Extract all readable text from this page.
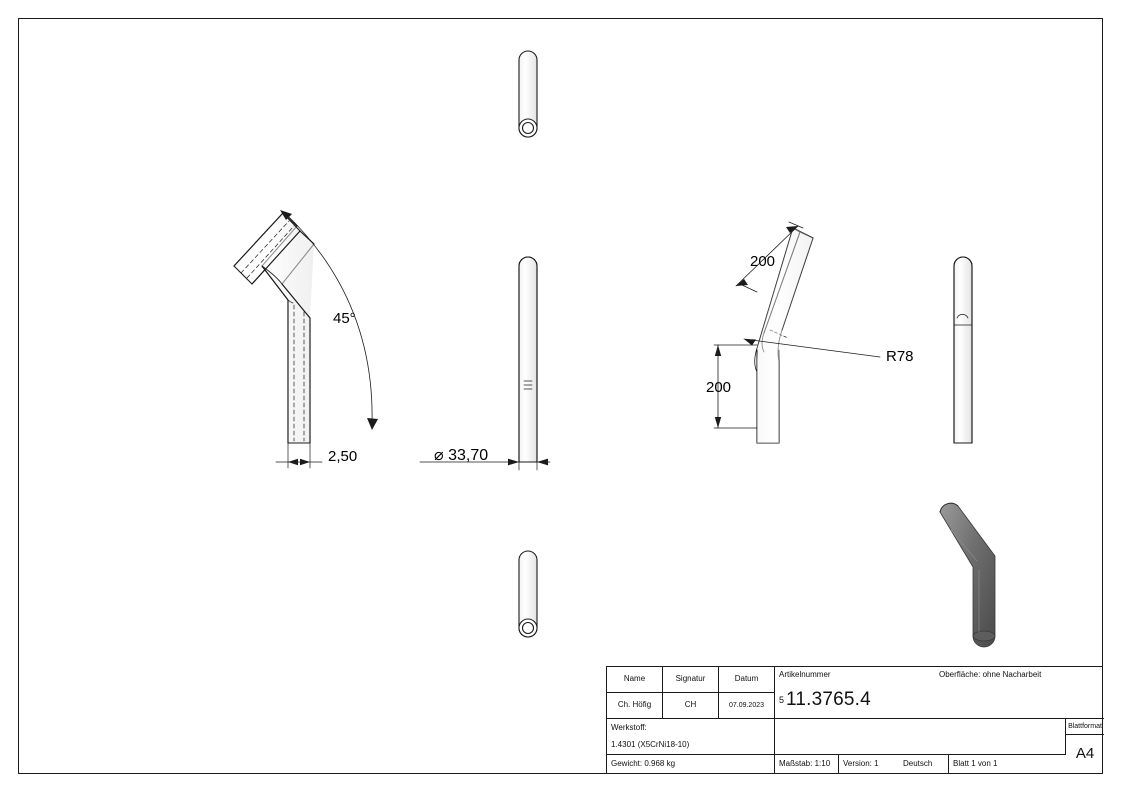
45°
2,50	⌀ 33,70
200
200
R78
Name	Signatur	Datum
Ch. Höfig	CH	07.09.2023
Artikelnummer	Oberfläche: ohne Nacharbeit
5 11.3765.4
Werkstoff:
1.4301 (X5CrNi18-10)
Blattformat
A4
Gewicht: 0.968 kg	Maßstab: 1:10	Version: 1	Deutsch	Blatt 1 von 1
